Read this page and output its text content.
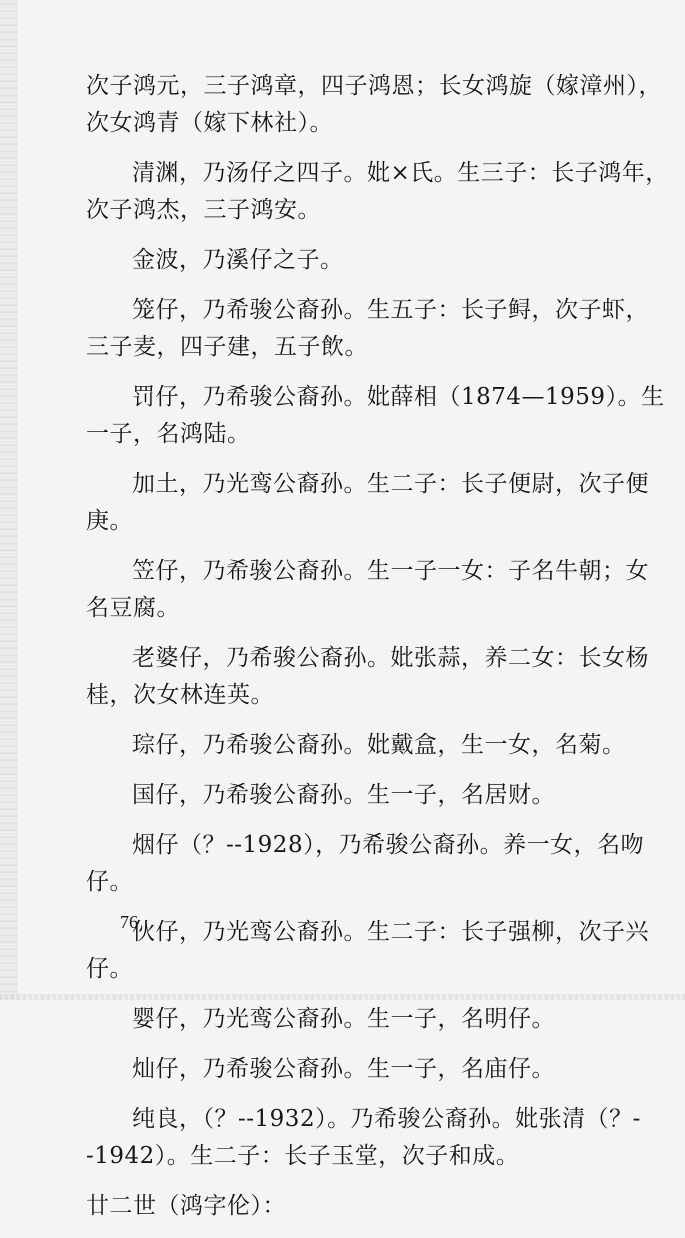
次子鸿元，三子鸿章，四子鸿恩；长女鸿旋（嫁漳州），次女鸿青（嫁下林社）。

清渊，乃汤仔之四子。妣×氏。生三子：长子鸿年，次子鸿杰，三子鸿安。

金波，乃溪仔之子。

笼仔，乃希骏公裔孙。生五子：长子鲟，次子虾，三子麦，四子建，五子飲。

罚仔，乃希骏公裔孙。妣薛相（1874—1959）。生一子，名鸿陆。

加土，乃光鸾公裔孙。生二子：长子便尉，次子便庚。

笠仔，乃希骏公裔孙。生一子一女：子名牛朝；女名豆腐。

老婆仔，乃希骏公裔孙。妣张蒜，养二女：长女杨桂，次女林连英。

琮仔，乃希骏公裔孙。妣戴盒，生一女，名菊。

国仔，乃希骏公裔孙。生一子，名居财。

烟仔（？--1928），乃希骏公裔孙。养一女，名吻仔。

伙仔，乃光鸾公裔孙。生二子：长子强柳，次子兴仔。

婴仔，乃光鸾公裔孙。生一子，名明仔。

灿仔，乃希骏公裔孙。生一子，名庙仔。

纯良，（？--1932）。乃希骏公裔孙。妣张清（？--1942）。生二子：长子玉堂，次子和成。

廿二世（鸿字伦）：

76
